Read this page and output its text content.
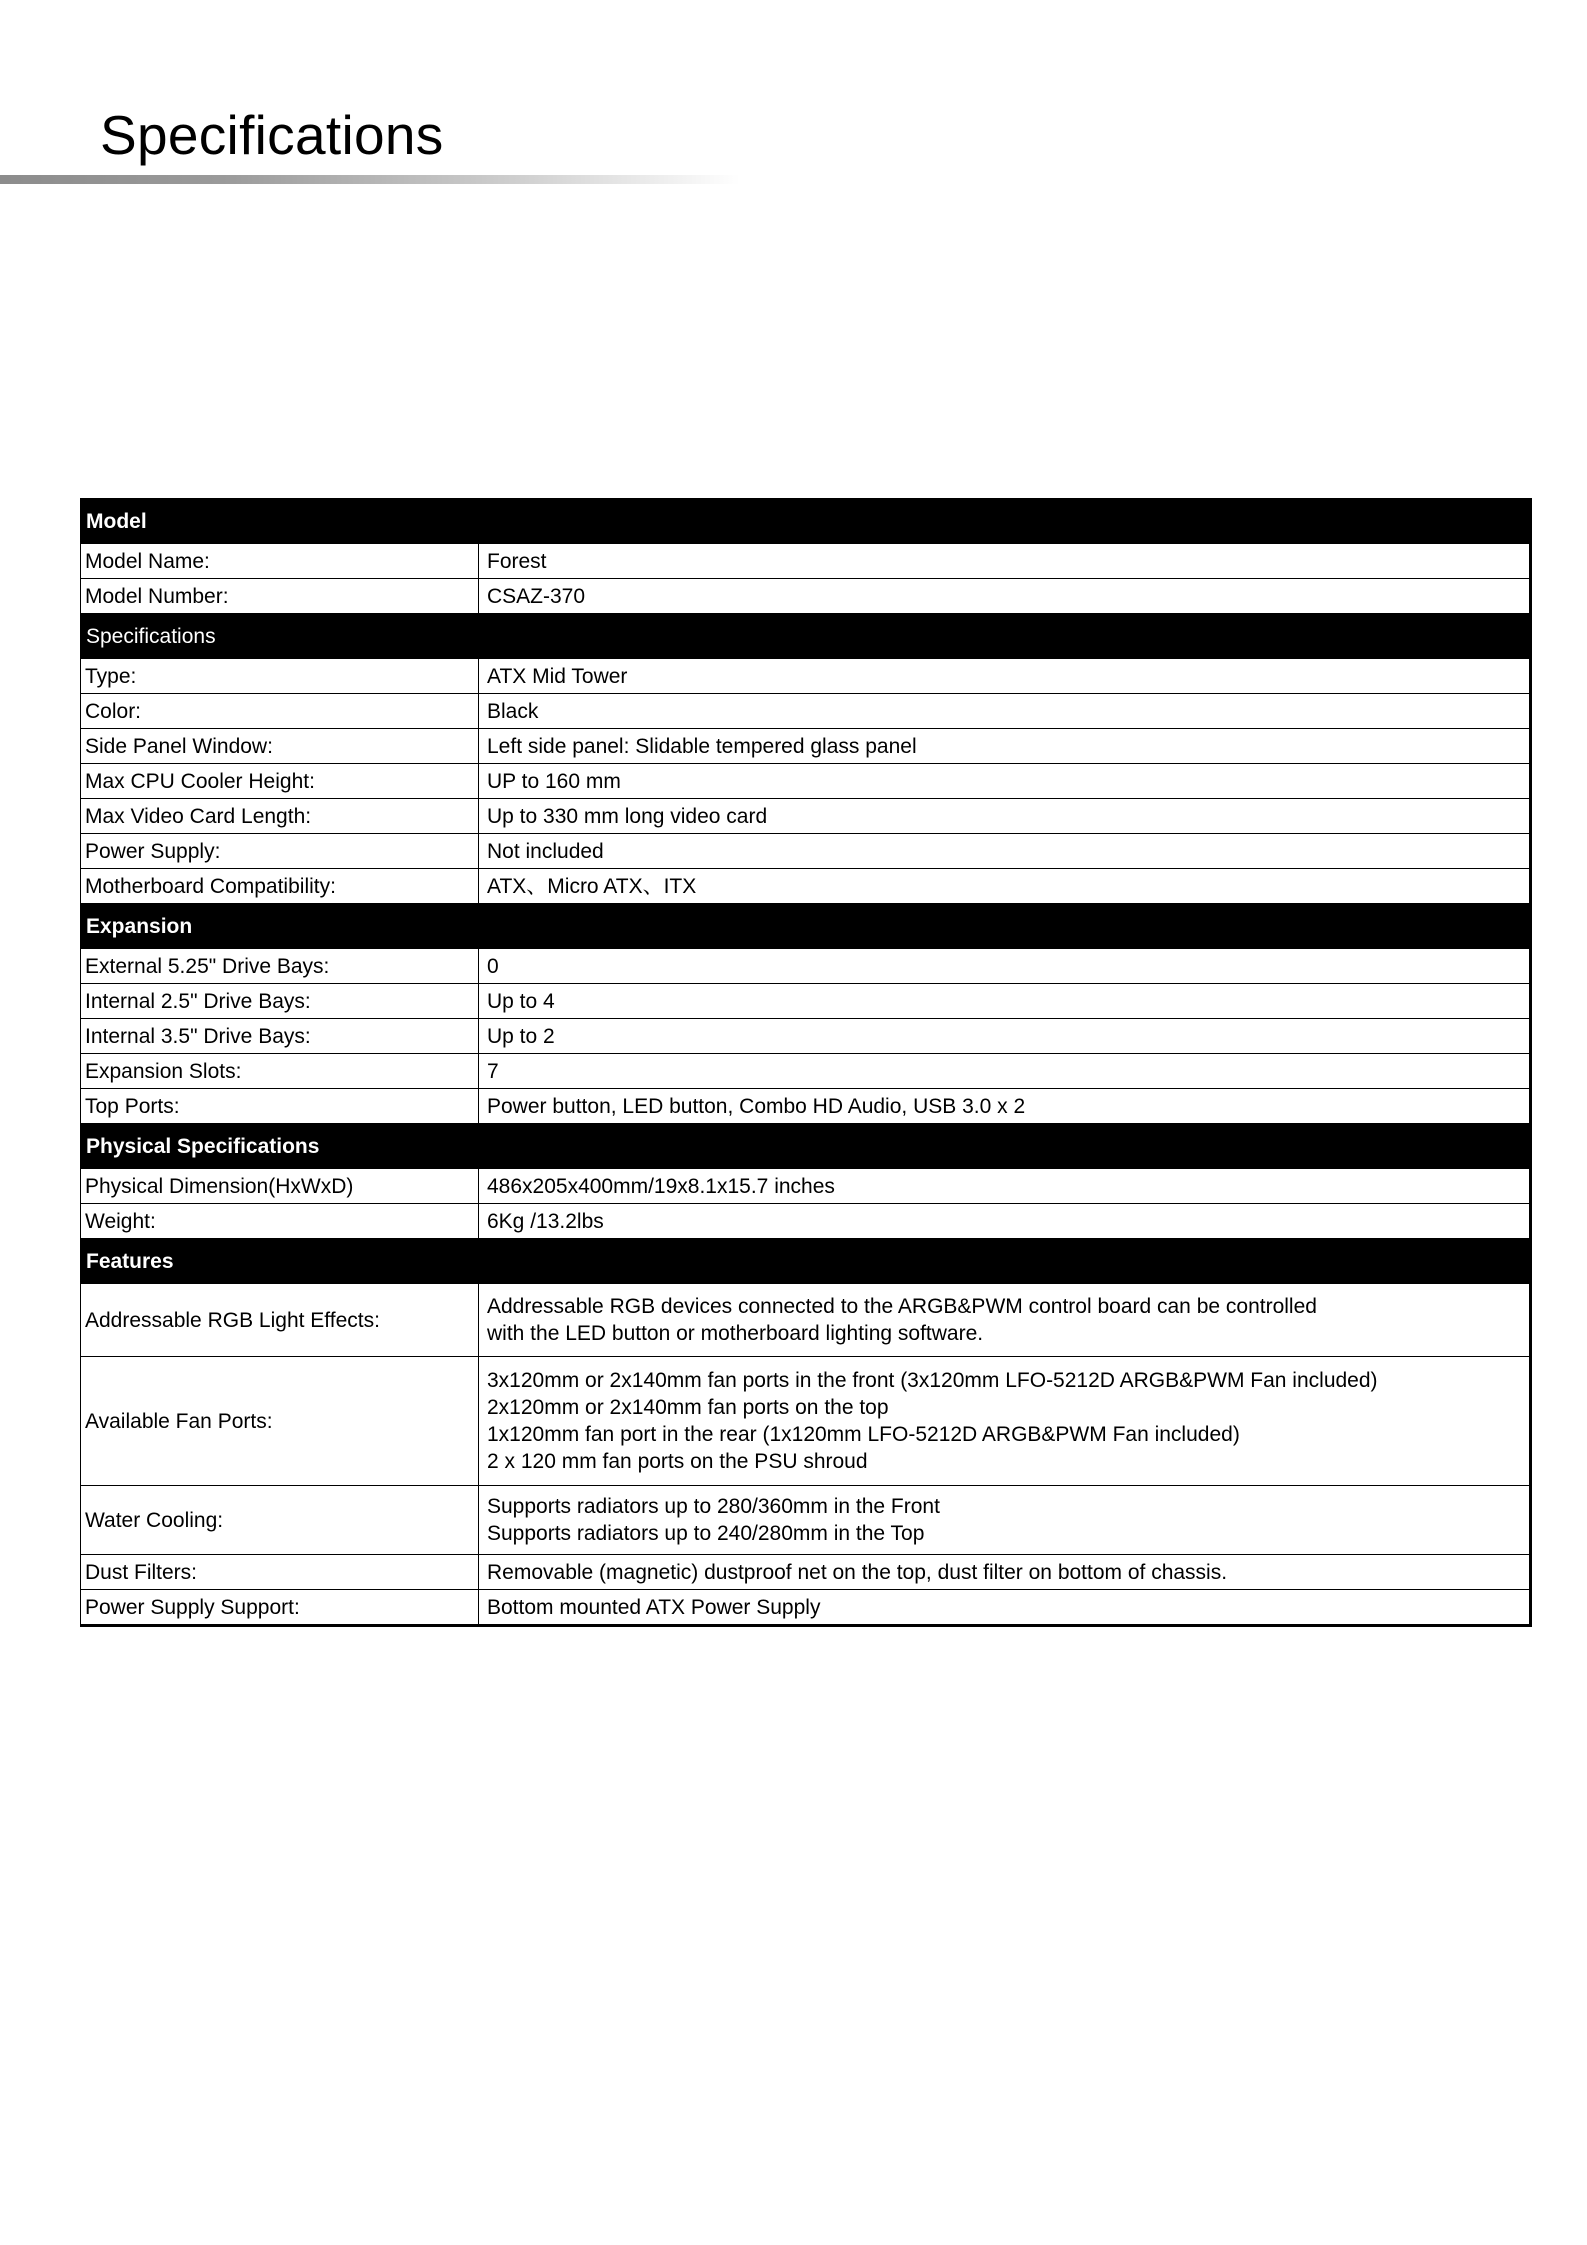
Specifications
Model	
Model Name:	Forest

Model Number:	CSAZ-370

Specifications	
Type:	ATX Mid Tower

Color:	Black

Side Panel Window:	Left side panel: Slidable tempered glass panel

Max CPU Cooler Height:	UP to 160 mm

Max Video Card Length:	Up to 330 mm long video card

Power Supply:	Not included

Motherboard Compatibility:	ATX、Micro ATX、ITX

Expansion	
External 5.25" Drive Bays:	0

Internal 2.5" Drive Bays:	Up to 4

Internal 3.5" Drive Bays:	Up to 2

Expansion Slots:	7

Top Ports:	Power button, LED button, Combo HD Audio, USB 3.0 x 2

Physical Specifications	
Physical Dimension(HxWxD)	486x205x400mm/19x8.1x15.7 inches

Weight:	6Kg /13.2lbs

Features	
Addressable RGB Light Effects:	Addressable RGB devices connected to the ARGB&PWM control board can be controlled
with the LED button or motherboard lighting software.

Available Fan Ports:	3x120mm or 2x140mm fan ports in the front (3x120mm LFO-5212D ARGB&PWM Fan included)
2x120mm or 2x140mm fan ports on the top
1x120mm fan port in the rear (1x120mm LFO-5212D ARGB&PWM Fan included)
2 x 120 mm fan ports on the PSU shroud

Water Cooling:	Supports radiators up to 280/360mm in the Front
Supports radiators up to 240/280mm in the Top

Dust Filters:	Removable (magnetic) dustproof net on the top, dust filter on bottom of chassis.

Power Supply Support:	Bottom mounted ATX Power Supply
